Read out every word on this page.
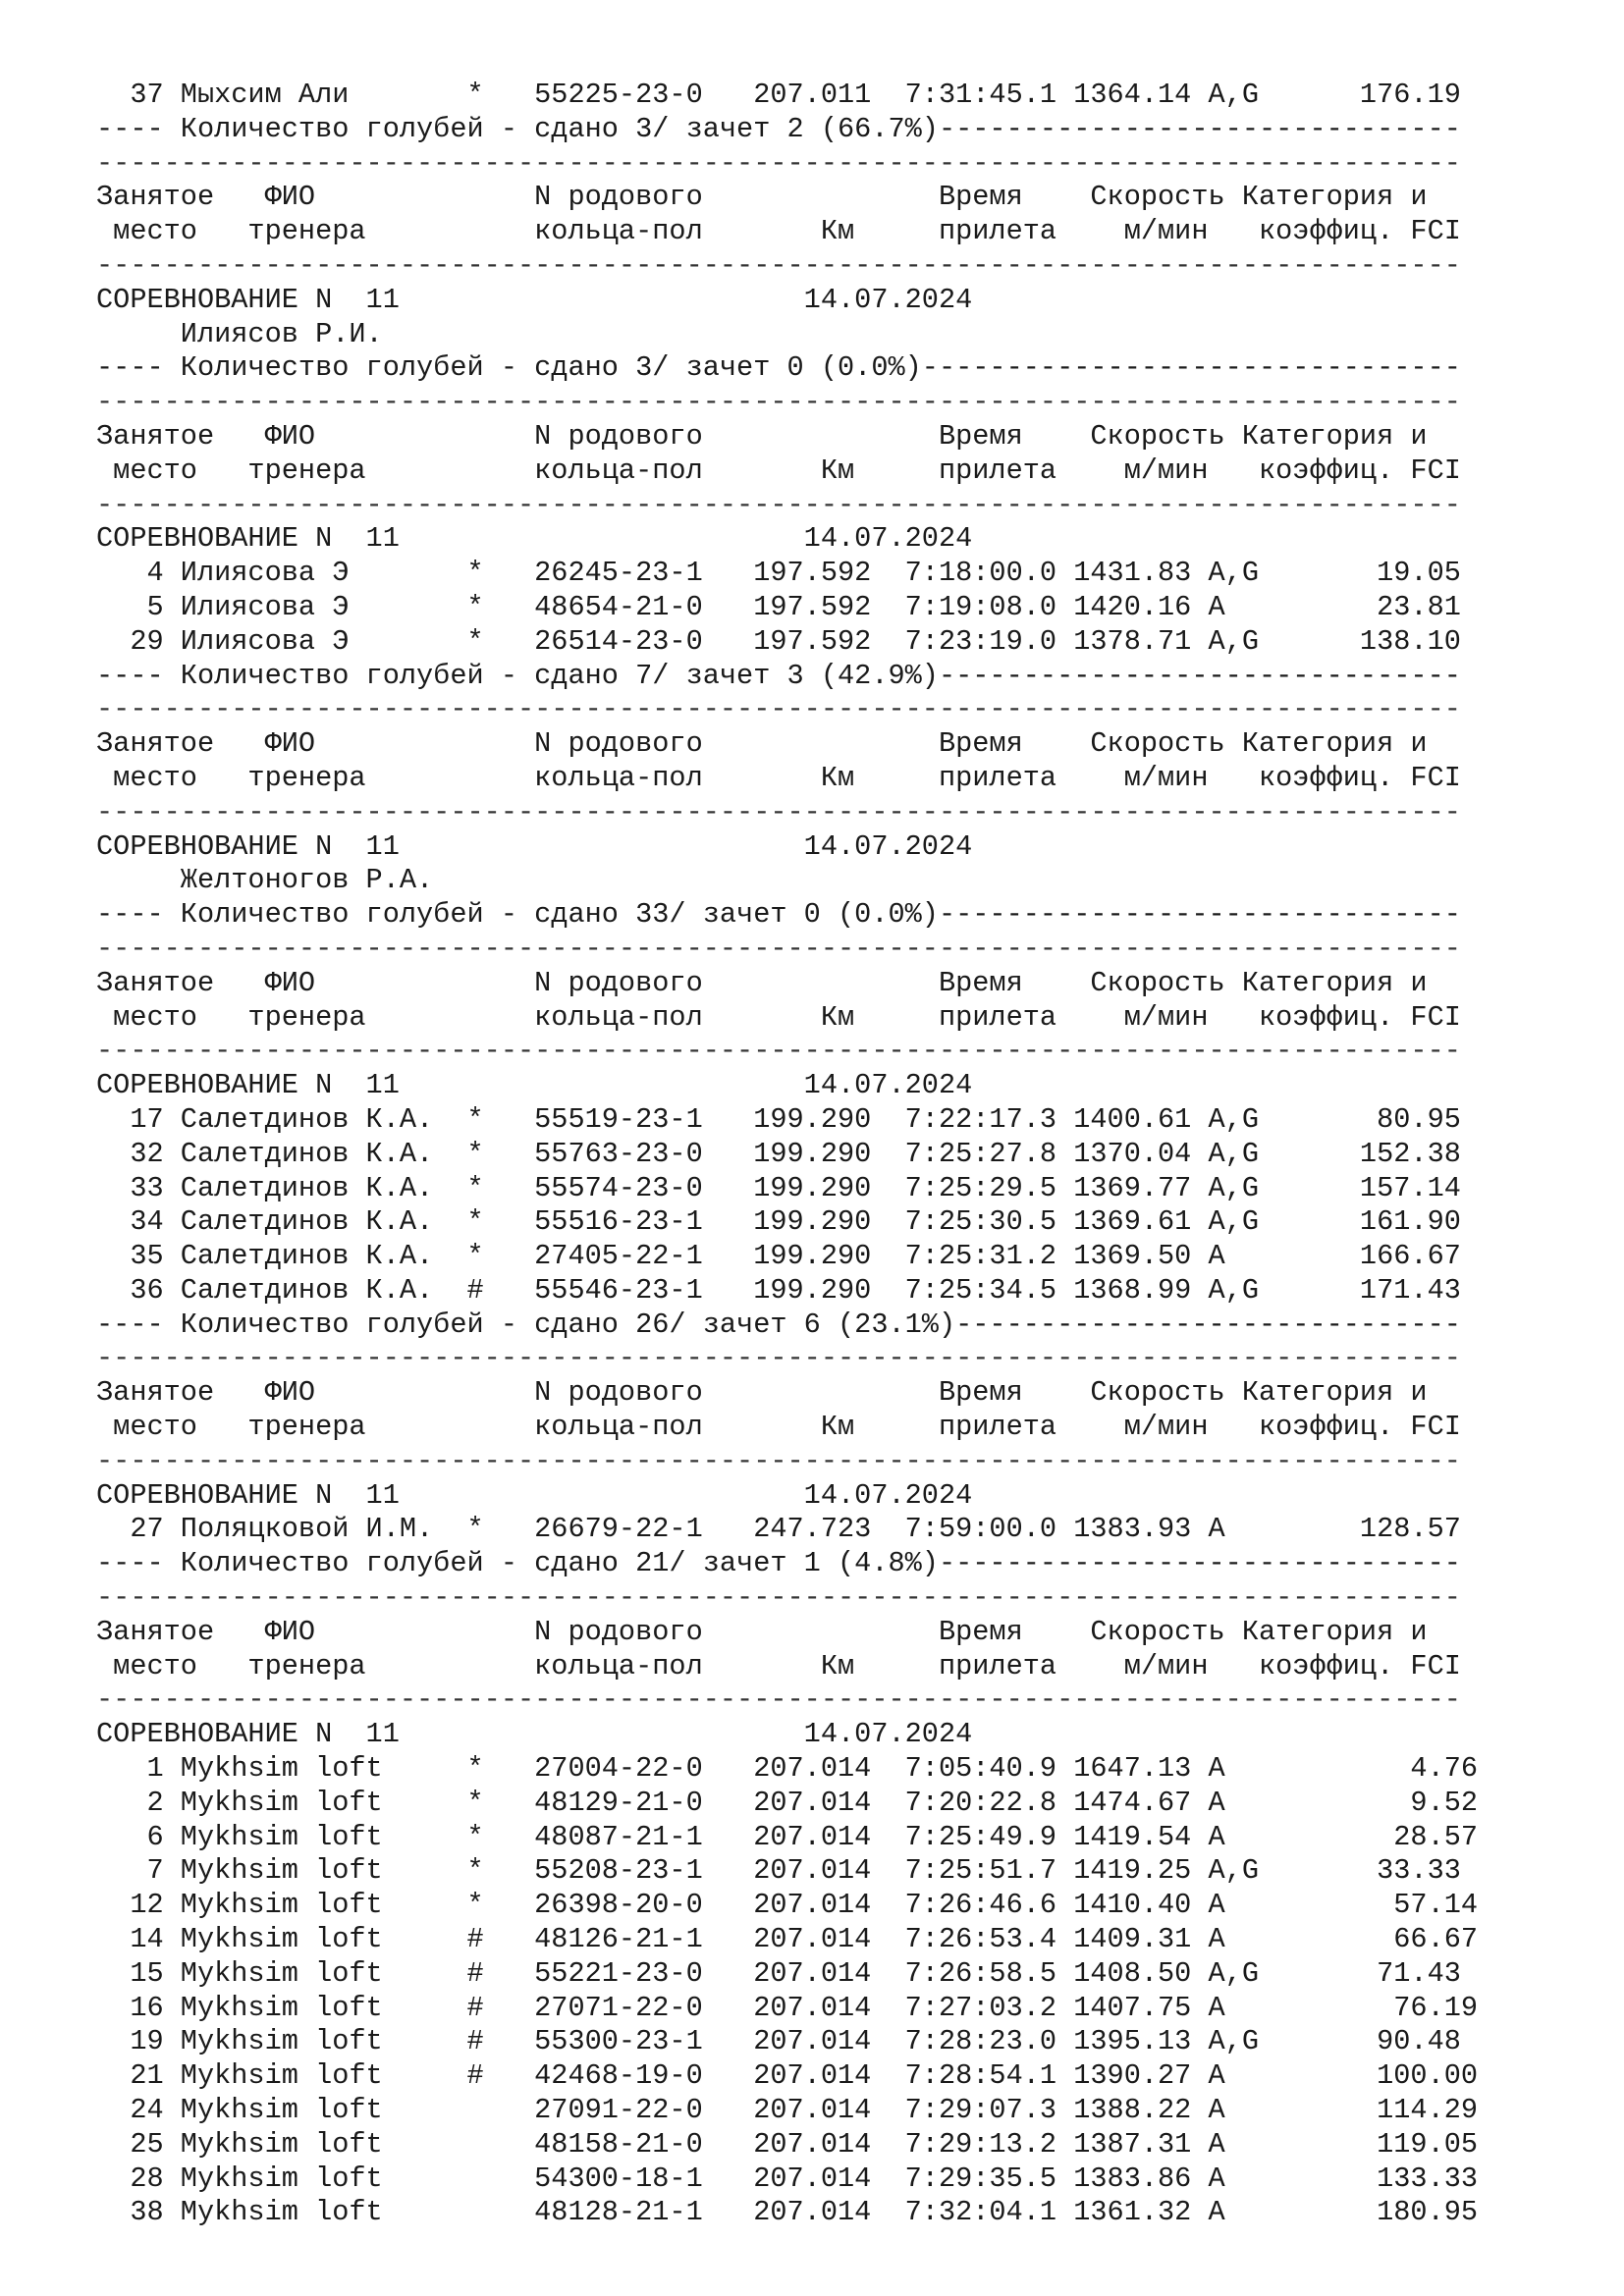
37 Мыхсим Али       *   55225-23-0   207.011  7:31:45.1 1364.14 A,G      176.19
---- Количество голубей - сдано 3/ зачет 2 (66.7%)-------------------------------
---------------------------------------------------------------------------------
Занятое   ФИО             N родового              Время    Скорость Категория и
место   тренера          кольца-пол       Км     прилета    м/мин   коэффиц. FCI
---------------------------------------------------------------------------------
СОРЕВНОВАНИЕ N  11                        14.07.2024
Илиясов Р.И.
---- Количество голубей - сдано 3/ зачет 0 (0.0%)--------------------------------
---------------------------------------------------------------------------------
Занятое   ФИО             N родового              Время    Скорость Категория и
место   тренера          кольца-пол       Км     прилета    м/мин   коэффиц. FCI
---------------------------------------------------------------------------------
СОРЕВНОВАНИЕ N  11                        14.07.2024
4 Илиясова Э       *   26245-23-1   197.592  7:18:00.0 1431.83 A,G       19.05
5 Илиясова Э       *   48654-21-0   197.592  7:19:08.0 1420.16 A         23.81
29 Илиясова Э       *   26514-23-0   197.592  7:23:19.0 1378.71 A,G      138.10
---- Количество голубей - сдано 7/ зачет 3 (42.9%)-------------------------------
---------------------------------------------------------------------------------
Занятое   ФИО             N родового              Время    Скорость Категория и
место   тренера          кольца-пол       Км     прилета    м/мин   коэффиц. FCI
---------------------------------------------------------------------------------
СОРЕВНОВАНИЕ N  11                        14.07.2024
Желтоногов Р.А.
---- Количество голубей - сдано 33/ зачет 0 (0.0%)-------------------------------
---------------------------------------------------------------------------------
Занятое   ФИО             N родового              Время    Скорость Категория и
место   тренера          кольца-пол       Км     прилета    м/мин   коэффиц. FCI
---------------------------------------------------------------------------------
СОРЕВНОВАНИЕ N  11                        14.07.2024
17 Салетдинов К.А.  *   55519-23-1   199.290  7:22:17.3 1400.61 A,G       80.95
32 Салетдинов К.А.  *   55763-23-0   199.290  7:25:27.8 1370.04 A,G      152.38
33 Салетдинов К.А.  *   55574-23-0   199.290  7:25:29.5 1369.77 A,G      157.14
34 Салетдинов К.А.  *   55516-23-1   199.290  7:25:30.5 1369.61 A,G      161.90
35 Салетдинов К.А.  *   27405-22-1   199.290  7:25:31.2 1369.50 A        166.67
36 Салетдинов К.А.  #   55546-23-1   199.290  7:25:34.5 1368.99 A,G      171.43
---- Количество голубей - сдано 26/ зачет 6 (23.1%)------------------------------
---------------------------------------------------------------------------------
Занятое   ФИО             N родового              Время    Скорость Категория и
место   тренера          кольца-пол       Км     прилета    м/мин   коэффиц. FCI
---------------------------------------------------------------------------------
СОРЕВНОВАНИЕ N  11                        14.07.2024
27 Поляцковой И.М.  *   26679-22-1   247.723  7:59:00.0 1383.93 A        128.57
---- Количество голубей - сдано 21/ зачет 1 (4.8%)-------------------------------
---------------------------------------------------------------------------------
Занятое   ФИО             N родового              Время    Скорость Категория и
место   тренера          кольца-пол       Км     прилета    м/мин   коэффиц. FCI
---------------------------------------------------------------------------------
СОРЕВНОВАНИЕ N  11                        14.07.2024
1 Mykhsim loft     *   27004-22-0   207.014  7:05:40.9 1647.13 A           4.76
2 Mykhsim loft     *   48129-21-0   207.014  7:20:22.8 1474.67 A           9.52
6 Mykhsim loft     *   48087-21-1   207.014  7:25:49.9 1419.54 A          28.57
7 Mykhsim loft     *   55208-23-1   207.014  7:25:51.7 1419.25 A,G       33.33
12 Mykhsim loft     *   26398-20-0   207.014  7:26:46.6 1410.40 A          57.14
14 Mykhsim loft     #   48126-21-1   207.014  7:26:53.4 1409.31 A          66.67
15 Mykhsim loft     #   55221-23-0   207.014  7:26:58.5 1408.50 A,G       71.43
16 Mykhsim loft     #   27071-22-0   207.014  7:27:03.2 1407.75 A          76.19
19 Mykhsim loft     #   55300-23-1   207.014  7:28:23.0 1395.13 A,G       90.48
21 Mykhsim loft     #   42468-19-0   207.014  7:28:54.1 1390.27 A         100.00
24 Mykhsim loft         27091-22-0   207.014  7:29:07.3 1388.22 A         114.29
25 Mykhsim loft         48158-21-0   207.014  7:29:13.2 1387.31 A         119.05
28 Mykhsim loft         54300-18-1   207.014  7:29:35.5 1383.86 A         133.33
38 Mykhsim loft         48128-21-1   207.014  7:32:04.1 1361.32 A         180.95
